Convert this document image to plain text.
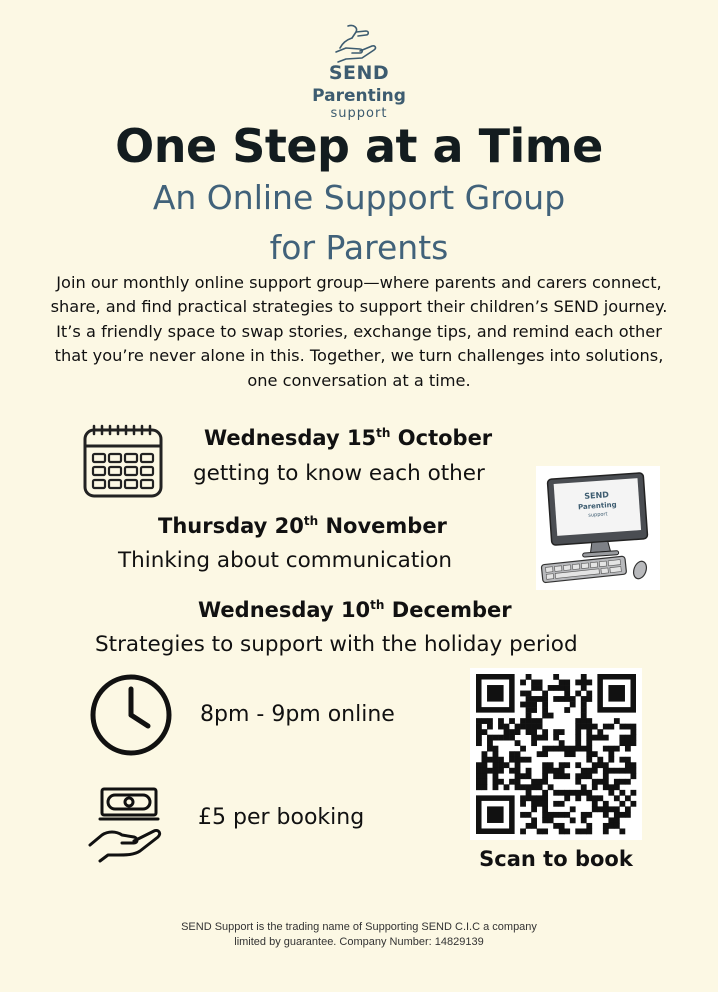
SEND
Parenting
support
One Step at a Time
An Online Support Group
for Parents
Join our monthly online support group—where parents and carers connect, share, and find practical strategies to support their children’s SEND journey. It’s a friendly space to swap stories, exchange tips, and remind each other that you’re never alone in this. Together, we turn challenges into solutions, one conversation at a time.
Wednesday 15th October
getting to know each other
Thursday 20th November
Thinking about communication
Wednesday 10th December
Strategies to support with the holiday period
SEND
Parenting
support
8pm - 9pm online
£5 per booking
Scan to book
SEND Support is the trading name of Supporting SEND C.I.C a company
limited by guarantee. Company Number: 14829139
